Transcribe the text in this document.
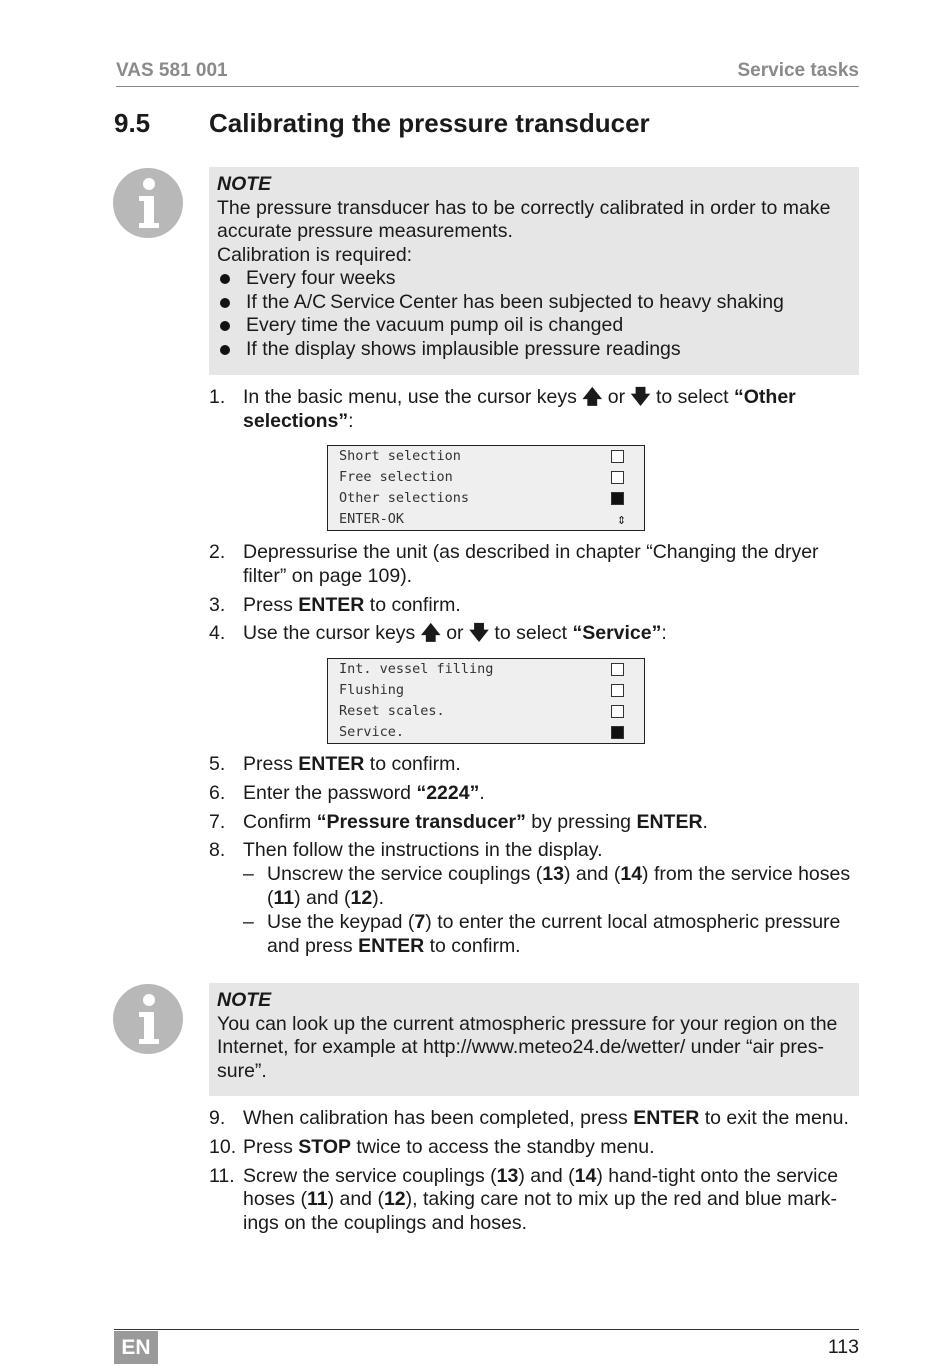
VAS 581 001	Service tasks
9.5 Calibrating the pressure transducer
NOTE
The pressure transducer has to be correctly calibrated in order to make accurate pressure measurements.
Calibration is required:
Every four weeks
If the A/C Service Center has been subjected to heavy shaking
Every time the vacuum pump oil is changed
If the display shows implausible pressure readings
1. In the basic menu, use the cursor keys 🡅 or 🡇 to select “Other selections”:
Short selection
Free selection
Other selections
ENTER-OK	⇕
2. Depressurise the unit (as described in chapter “Changing the dryer filter” on page 109).
3. Press ENTER to confirm.
4. Use the cursor keys 🡅 or 🡇 to select “Service”:
Int. vessel filling
Flushing
Reset scales.
Service.
5. Press ENTER to confirm.
6. Enter the password “2224”.
7. Confirm “Pressure transducer” by pressing ENTER.
8. Then follow the instructions in the display.
– Unscrew the service couplings (13) and (14) from the service hoses (11) and (12).
– Use the keypad (7) to enter the current local atmospheric pressure and press ENTER to confirm.
NOTE
You can look up the current atmospheric pressure for your region on the Internet, for example at http://www.meteo24.de/wetter/ under “air pres-sure”.
9. When calibration has been completed, press ENTER to exit the menu.
10. Press STOP twice to access the standby menu.
11. Screw the service couplings (13) and (14) hand-tight onto the service hoses (11) and (12), taking care not to mix up the red and blue mark-ings on the couplings and hoses.
EN	113
